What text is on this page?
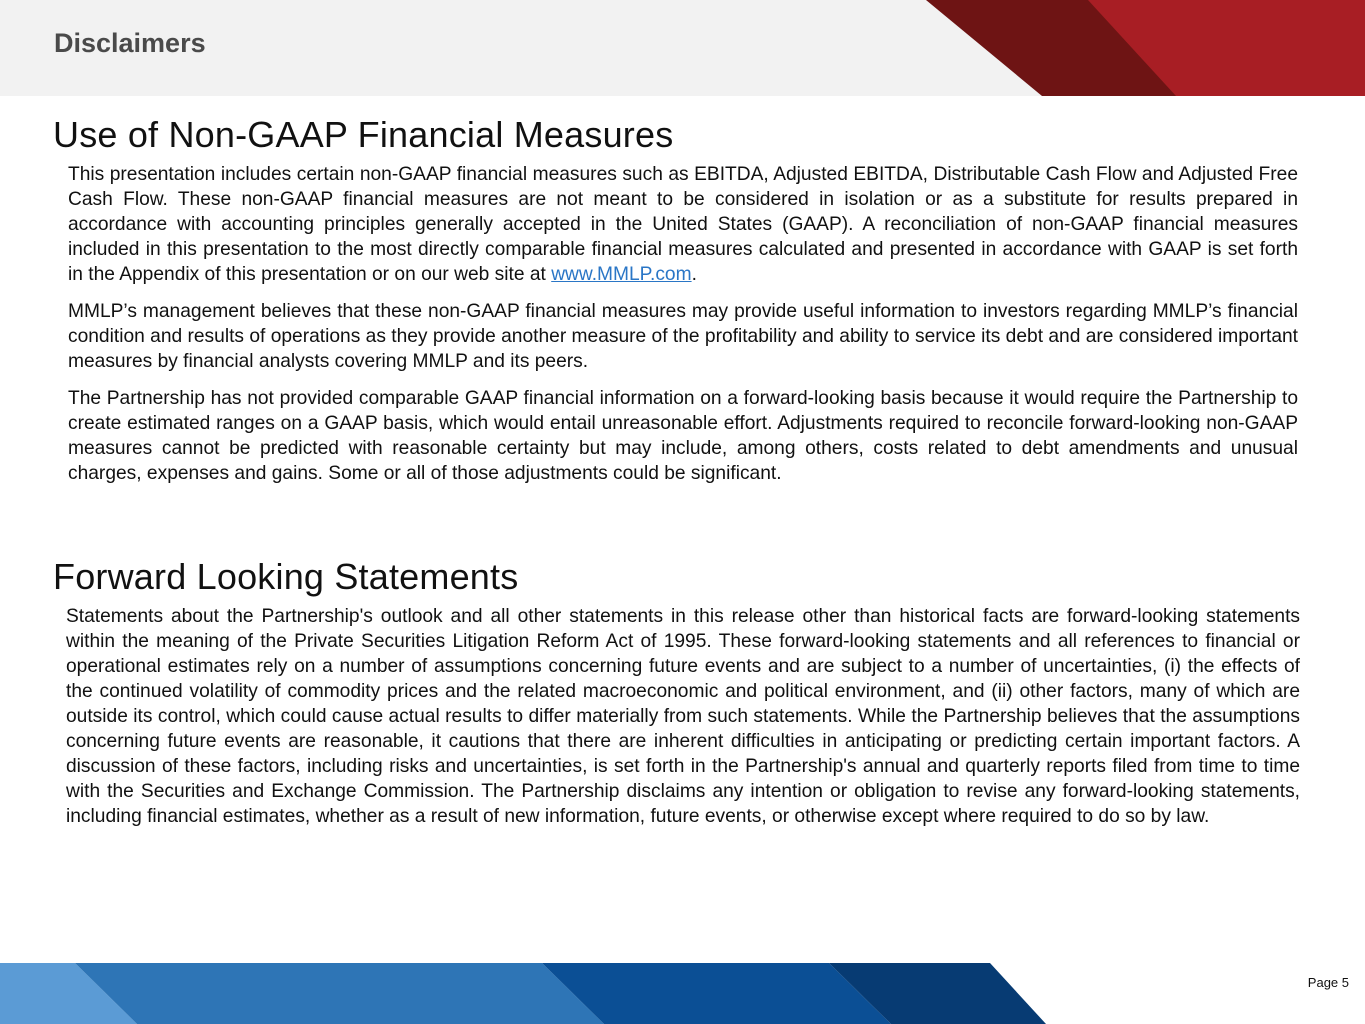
Disclaimers
Use of Non-GAAP Financial Measures

This presentation includes certain non-GAAP financial measures such as EBITDA, Adjusted EBITDA, Distributable Cash Flow and Adjusted Free Cash Flow. These non-GAAP financial measures are not meant to be considered in isolation or as a substitute for results prepared in accordance with accounting principles generally accepted in the United States (GAAP). A reconciliation of non-GAAP financial measures included in this presentation to the most directly comparable financial measures calculated and presented in accordance with GAAP is set forth in the Appendix of this presentation or on our web site at www.MMLP.com.

MMLP’s management believes that these non-GAAP financial measures may provide useful information to investors regarding MMLP’s financial condition and results of operations as they provide another measure of the profitability and ability to service its debt and are considered important measures by financial analysts covering MMLP and its peers.

The Partnership has not provided comparable GAAP financial information on a forward-looking basis because it would require the Partnership to create estimated ranges on a GAAP basis, which would entail unreasonable effort. Adjustments required to reconcile forward-looking non-GAAP measures cannot be predicted with reasonable certainty but may include, among others, costs related to debt amendments and unusual charges, expenses and gains. Some or all of those adjustments could be significant.

Forward Looking Statements

Statements about the Partnership's outlook and all other statements in this release other than historical facts are forward-looking statements within the meaning of the Private Securities Litigation Reform Act of 1995. These forward-looking statements and all references to financial or operational estimates rely on a number of assumptions concerning future events and are subject to a number of uncertainties, (i) the effects of the continued volatility of commodity prices and the related macroeconomic and political environment, and (ii) other factors, many of which are outside its control, which could cause actual results to differ materially from such statements. While the Partnership believes that the assumptions concerning future events are reasonable, it cautions that there are inherent difficulties in anticipating or predicting certain important factors. A discussion of these factors, including risks and uncertainties, is set forth in the Partnership's annual and quarterly reports filed from time to time with the Securities and Exchange Commission. The Partnership disclaims any intention or obligation to revise any forward-looking statements, including financial estimates, whether as a result of new information, future events, or otherwise except where required to do so by law.

Page 5
